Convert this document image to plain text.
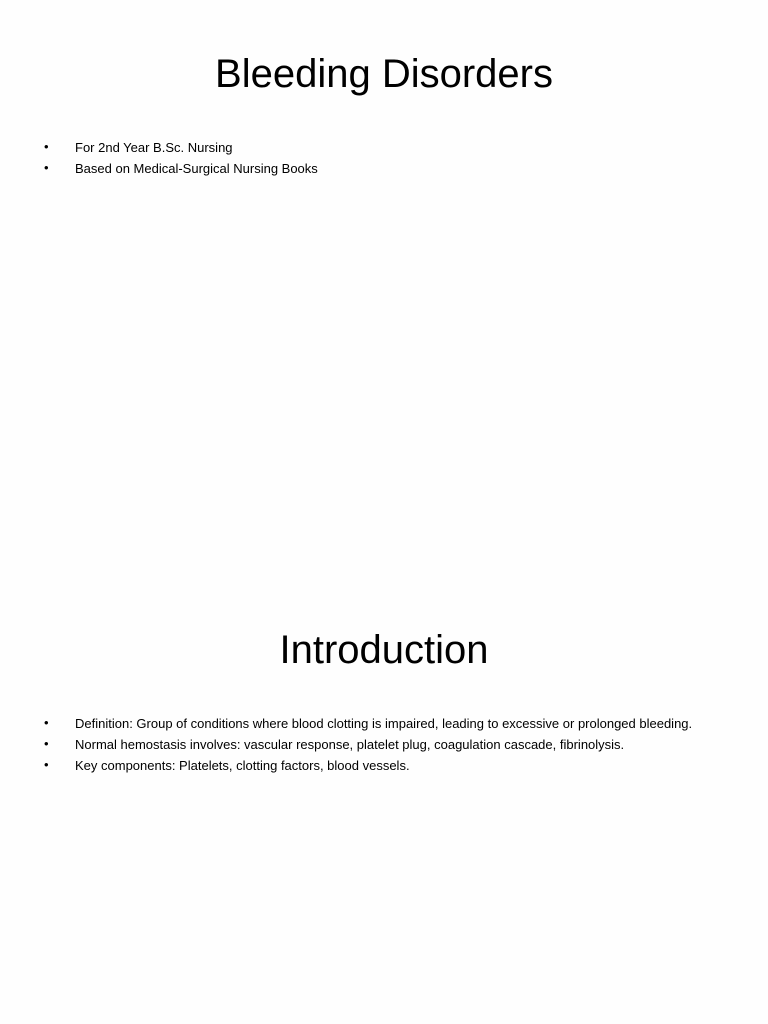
Bleeding Disorders
• For 2nd Year B.Sc. Nursing
• Based on Medical-Surgical Nursing Books
Introduction
• Definition: Group of conditions where blood clotting is impaired, leading to excessive or prolonged bleeding.
• Normal hemostasis involves: vascular response, platelet plug, coagulation cascade, fibrinolysis.
• Key components: Platelets, clotting factors, blood vessels.
